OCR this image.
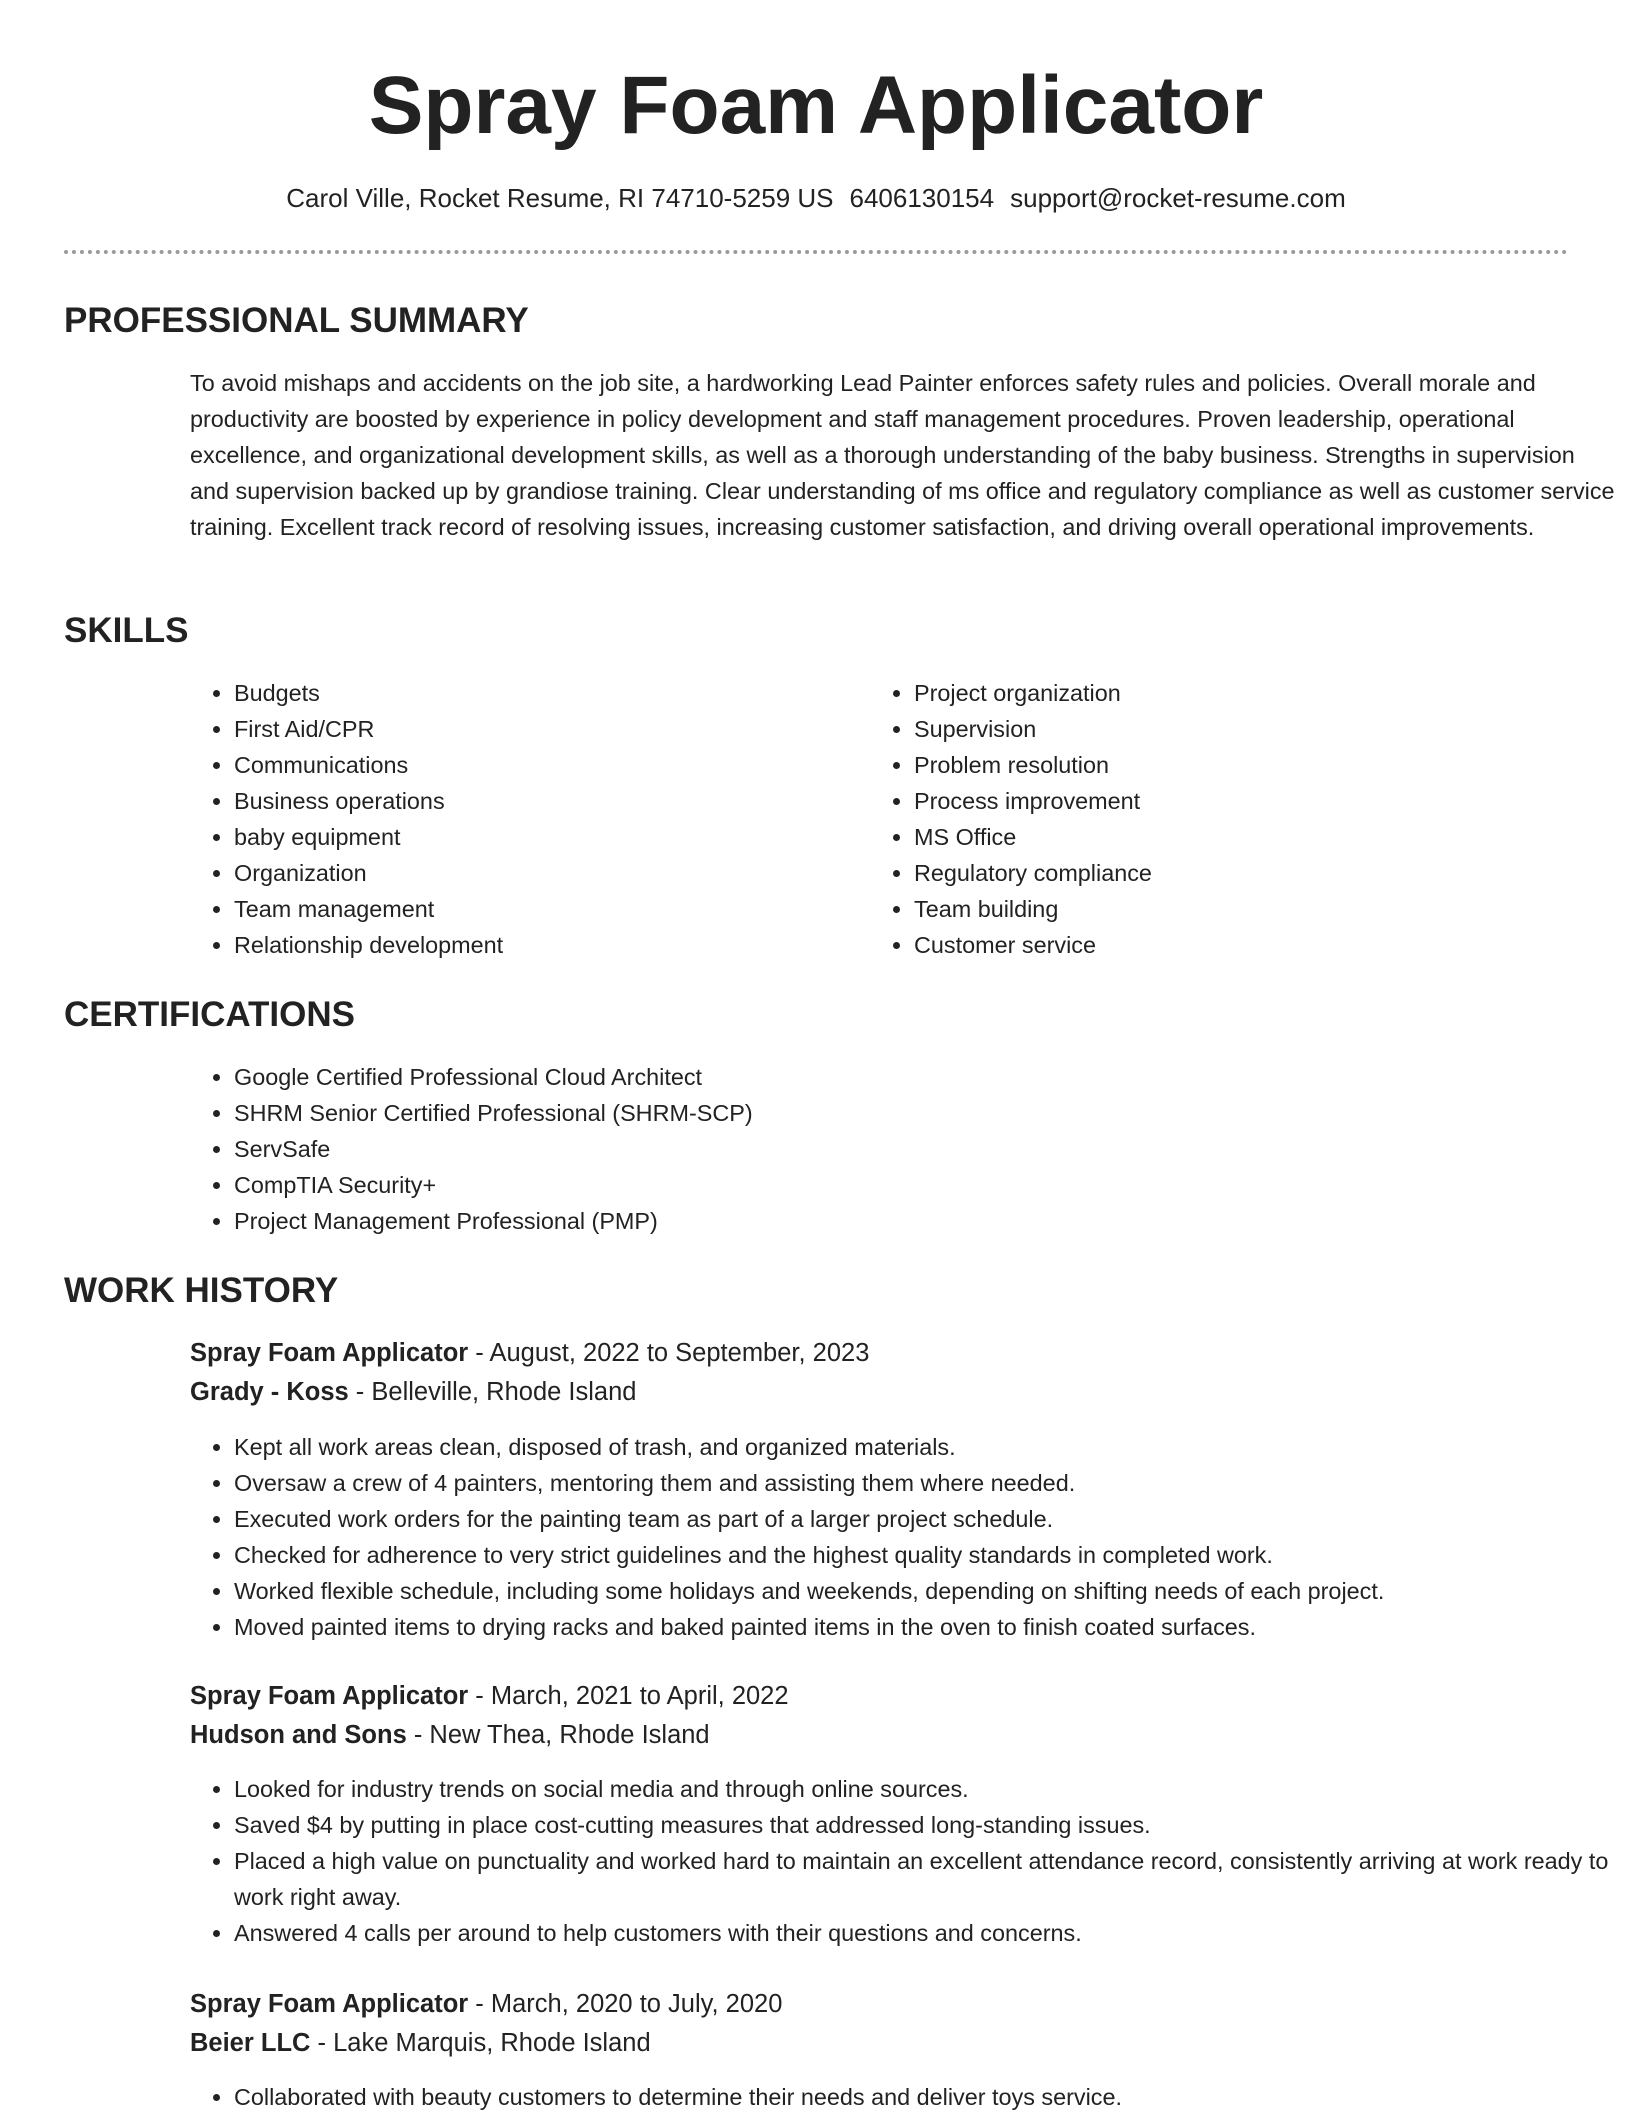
Spray Foam Applicator
Carol Ville, Rocket Resume, RI 74710-5259 US 6406130154 support@rocket-resume.com
PROFESSIONAL SUMMARY

To avoid mishaps and accidents on the job site, a hardworking Lead Painter enforces safety rules and policies. Overall morale and productivity are boosted by experience in policy development and staff management procedures. Proven leadership, operational excellence, and organizational development skills, as well as a thorough understanding of the baby business. Strengths in supervision and supervision backed up by grandiose training. Clear understanding of ms office and regulatory compliance as well as customer service training. Excellent track record of resolving issues, increasing customer satisfaction, and driving overall operational improvements.

SKILLS
• Budgets
• First Aid/CPR
• Communications
• Business operations
• baby equipment
• Organization
• Team management
• Relationship development
• Project organization
• Supervision
• Problem resolution
• Process improvement
• MS Office
• Regulatory compliance
• Team building
• Customer service
CERTIFICATIONS
• Google Certified Professional Cloud Architect
• SHRM Senior Certified Professional (SHRM-SCP)
• ServSafe
• CompTIA Security+
• Project Management Professional (PMP)
WORK HISTORY
Spray Foam Applicator - August, 2022 to September, 2023
Grady - Koss - Belleville, Rhode Island
• Kept all work areas clean, disposed of trash, and organized materials.
• Oversaw a crew of 4 painters, mentoring them and assisting them where needed.
• Executed work orders for the painting team as part of a larger project schedule.
• Checked for adherence to very strict guidelines and the highest quality standards in completed work.
• Worked flexible schedule, including some holidays and weekends, depending on shifting needs of each project.
• Moved painted items to drying racks and baked painted items in the oven to finish coated surfaces.
Spray Foam Applicator - March, 2021 to April, 2022
Hudson and Sons - New Thea, Rhode Island
• Looked for industry trends on social media and through online sources.
• Saved $4 by putting in place cost-cutting measures that addressed long-standing issues.
• Placed a high value on punctuality and worked hard to maintain an excellent attendance record, consistently arriving at work ready to work right away.
• Answered 4 calls per around to help customers with their questions and concerns.
Spray Foam Applicator - March, 2020 to July, 2020
Beier LLC - Lake Marquis, Rhode Island
• Collaborated with beauty customers to determine their needs and deliver toys service.
